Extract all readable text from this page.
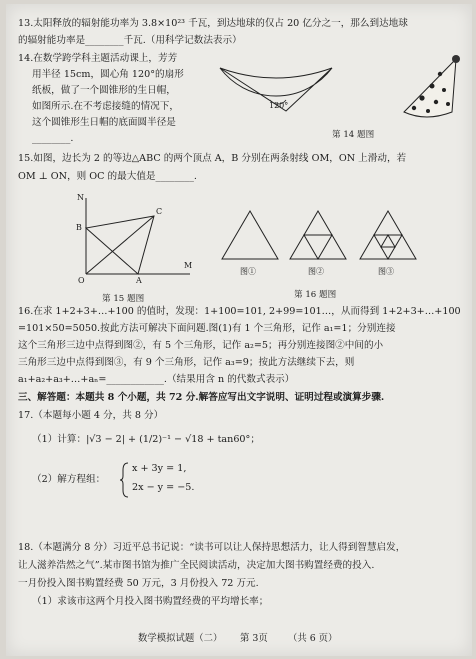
13.太阳释放的辐射能功率为 3.8×10²³ 千瓦，到达地球的仅占 20 亿分之一，那么到达地球
的辐射能功率是________千瓦.（用科学记数法表示）
14.在数学跨学科主题活动课上，芳芳
用半径 15cm，圆心角 120°的扇形
纸板，做了一个圆锥形的生日帽，
如图所示.在不考虑接缝的情况下，
这个圆锥形生日帽的底面圆半径是
________.
120°
第 14 题图
15.如图，边长为 2 的等边△ABC 的两个顶点 A，B 分别在两条射线 OM，ON 上滑动，若
OM ⊥ ON，则 OC 的最大值是________.
N
B
C
O	A
M
第 15 题图
图①	图②	图③
第 16 题图
16.在求 1+2+3+…+100 的值时，发现：1+100=101, 2+99=101…，从而得到 1+2+3+…+100
=101×50=5050.按此方法可解决下面问题.图(1)有 1 个三角形，记作 a₁=1；分别连接
这个三角形三边中点得到图②，有 5 个三角形，记作 a₂=5；再分别连接图②中间的小
三角形三边中点得到图③，有 9 个三角形，记作 a₃=9；按此方法继续下去，则
a₁+a₂+a₃+…+aₙ=____________.（结果用含 n 的代数式表示）
三、解答题：本题共 8 个小题，共 72 分.解答应写出文字说明、证明过程或演算步骤.
17.（本题每小题 4 分，共 8 分）
（1）计算：|√3 − 2| + (1/2)⁻¹ − √18 + tan60°；
（2）解方程组：
x + 3y = 1,
2x − y = −5.
18.（本题满分 8 分）习近平总书记说：“读书可以让人保持思想活力，让人得到智慧启发，
让人滋养浩然之气”.某市图书馆为推广全民阅读活动，决定加大图书购置经费的投入.
一月份投入图书购置经费 50 万元，3 月份投入 72 万元.
（1）求该市这两个月投入图书购置经费的平均增长率；
数学模拟试题（二） 第 3页 （共 6 页）
